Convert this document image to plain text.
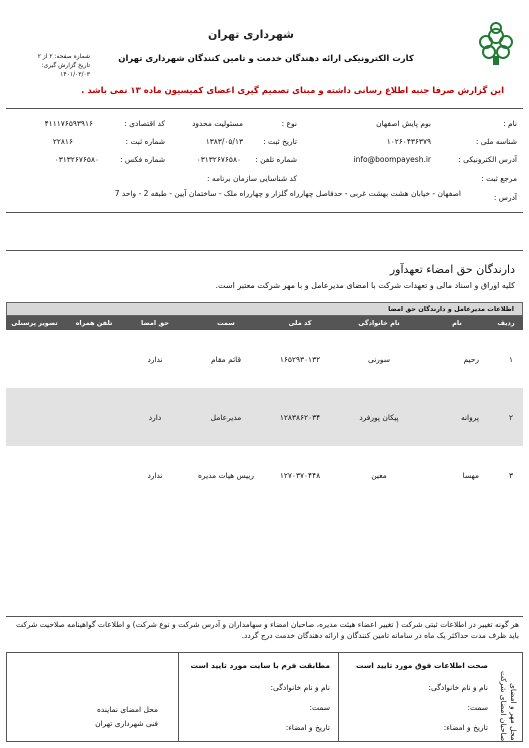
شهرداری تهران
کارت الکترونیکی ارائه دهندگان خدمت و تامین کنندگان شهرداری تهران
شماره صفحه: ۲ از ۲
تاریخ گزارش گیری: ۱۴۰۱/۰۳/۰۳
این گزارش صرفا جنبه اطلاع رسانی داشته و مبنای تصمیم گیری اعضای کمیسیون ماده ۱۳ نمی باشد .
نام :
بوم پایش اصفهان
نوع :
مسئولیت محدود
کد اقتصادی :
۴۱۱۱۷۶۵۹۳۹۱۶
شناسه ملی :
۱۰۲۶۰۴۳۶۳۷۹
تاریخ ثبت :
۱۳۸۳/۰۵/۱۳
شماره ثبت :
۲۲۸۱۶
آدرس الکترونیکی :
info@boompayesh.ir
شماره تلفن :
۰۳۱۳۲۶۷۶۵۸۰
شماره فکس :
۰۳۱۳۲۶۷۶۵۸۰
مرجع ثبت :
کد شناسایی سازمان برنامه :
آدرس :
اصفهان - خیابان هشت بهشت غربی - حدفاصل چهارراه گلزار و چهارراه ملک - ساختمان آیین - طبقه 2 - واحد 7
دارندگان حق امضاء تعهدآور

کلیه اوراق و اسناد مالی و تعهدات شرکت با امضای مدیرعامل و با مهر شرکت معتبر است.

اطلاعات مدیرعامل و دارندگان حق امضا
ردیف	نام	نام خانوادگی	کد ملی	سمت	حق امضا	تلفن همراه	تصویر پرسنلی
۱	رحیم	سورنی	۱۶۵۲۹۳۰۱۳۲	قائم مقام	ندارد		
۲	پروانه	پیکان پورفرد	۱۲۸۳۸۶۲۰۳۴	مدیرعامل	دارد		
۳	مهسا	معین	۱۲۷۰۳۷۰۴۴۸	رییس هیات مدیره	ندارد		
هر گونه تغییر در اطلاعات ثبتی شرکت ( تغییر اعضاء هیئت مدیره، صاحبان امضاء و سهامداران و آدرس شرکت و نوع شرکت) و اطلاعات گواهینامه صلاحیت شرکت باید ظرف مدت حداکثر یک ماه در سامانه تامین کنندگان و ارائه دهندگان خدمت درج گردد.
محل مهر و امضای صاحبان امضای شرکت
صحت اطلاعات فوق مورد تایید است
نام و نام خانوادگی:
سمت:
تاریخ و امضاء:
مطابقت فرم با سایت مورد تایید است
نام و نام خانوادگی:
سمت:
تاریخ و امضاء:
محل امضای نماینده
فنی شهرداری تهران
